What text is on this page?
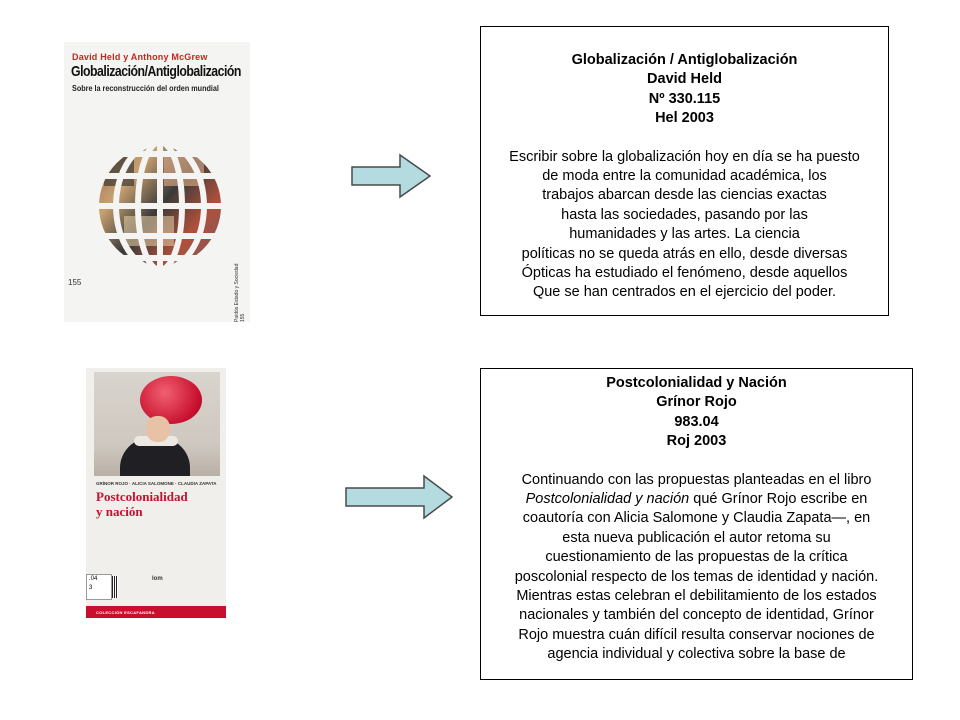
David Held y Anthony McGrew
Globalización/Antiglobalización
Sobre la reconstrucción del orden mundial
155	Paidós Estado y Sociedad 155
Globalización / Antiglobalización
David Held
Nº 330.115
Hel 2003
Escribir sobre la globalización hoy en día se ha puesto
de moda entre la comunidad académica, los
trabajos abarcan desde las ciencias exactas
hasta las sociedades, pasando por las
humanidades y las artes. La ciencia
políticas no se queda atrás en ello, desde diversas
Ópticas ha estudiado el fenómeno, desde aquellos
Que se han centrados en el ejercicio del poder.
GRÍNOR ROJO · ALICIA SALOMONE · CLAUDIA ZAPATA
Postcolonialidad
y nación
.04
3
lom
COLECCIÓN ESCAFANDRA
Postcolonialidad y Nación
Grínor Rojo
983.04
Roj 2003
Continuando con las propuestas planteadas en el libro
Postcolonialidad y nación qué Grínor Rojo escribe en
coautoría con Alicia Salomone y Claudia Zapata—, en
esta nueva publicación el autor retoma su
cuestionamiento de las propuestas de la crítica
poscolonial respecto de los temas de identidad y nación.
Mientras estas celebran el debilitamiento de los estados
nacionales y también del concepto de identidad, Grínor
Rojo muestra cuán difícil resulta conservar nociones de
agencia individual y colectiva sobre la base de
